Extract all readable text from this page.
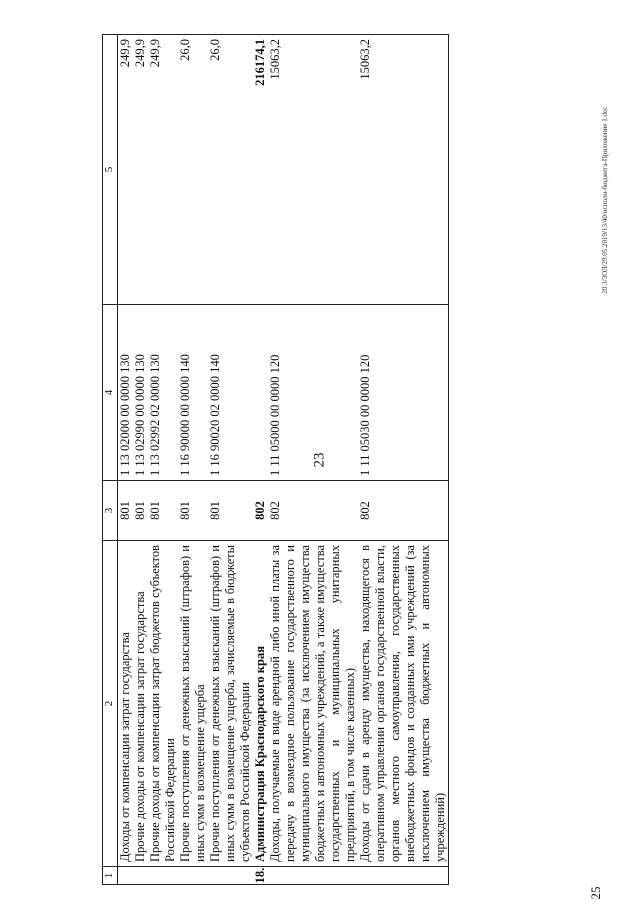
23
20.3/ЗОЛ/29.05.2019/13/40/исполн-бюджета-Приложение 1.doc
25
1	2	3	4	5
	Доходы от компенсации затрат государства	801	1 13 02000 00 0000 130	249,9
	Прочие доходы от компенсации затрат государства	801	1 13 02990 00 0000 130	249,9
	Прочие доходы от компенсации затрат бюджетов субъектов Российской Федерации	801	1 13 02992 02 0000 130	249,9
	Прочие поступления от денежных взысканий (штрафов) и иных сумм в возмещение ущерба	801	1 16 90000 00 0000 140	26,0
	Прочие поступления от денежных взысканий (штрафов) и иных сумм в возмещение ущерба, зачисляемые в бюджеты субъектов Российской Федерации	801	1 16 90020 02 0000 140	26,0
18.	Администрация Краснодарского края	802		216174,1
	Доходы, получаемые в виде арендной либо иной платы за передачу в возмездное пользование государственного и муниципального имущества (за исключением имущества бюджетных и автономных учреждений, а также имущества государственных и муниципальных унитарных предприятий, в том числе казенных)	802	1 11 05000 00 0000 120	15063,2
	Доходы от сдачи в аренду имущества, находящегося в оперативном управлении органов государственной власти, органов местного самоуправления, государственных внебюджетных фондов и созданных ими учреждений (за исключением имущества бюджетных и автономных учреждений)	802	1 11 05030 00 0000 120	15063,2
